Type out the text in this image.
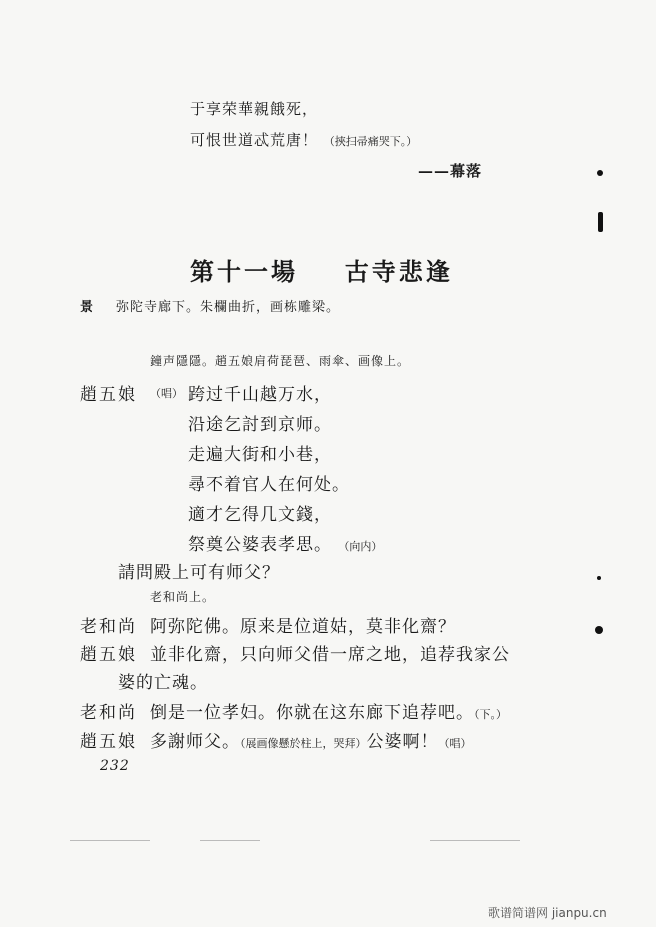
于享荣華親餓死，
可恨世道忒荒唐！ （挾扫帚痛哭下。）
——幕落
第十一場 古寺悲逢
景 弥陀寺廊下。朱欄曲折，画栋雕梁。
鐘声隱隱。趙五娘肩荷琵琶、雨傘、画像上。
趙五娘 （唱） 跨过千山越万水，
沿途乞討到京师。
走遍大街和小巷，
尋不着官人在何处。
適才乞得几文錢，
祭奠公婆表孝思。 （向内）
請問殿上可有师父？
老和尚上。
老和尚 阿弥陀佛。原来是位道姑，莫非化齋？
趙五娘 並非化齋，只向师父借一席之地，追荐我家公
婆的亡魂。
老和尚 倒是一位孝妇。你就在这东廊下追荐吧。（下。）
趙五娘 多謝师父。（展画像懸於柱上，哭拜）公婆啊！（唱）
232
歌谱简谱网 jianpu.cn
